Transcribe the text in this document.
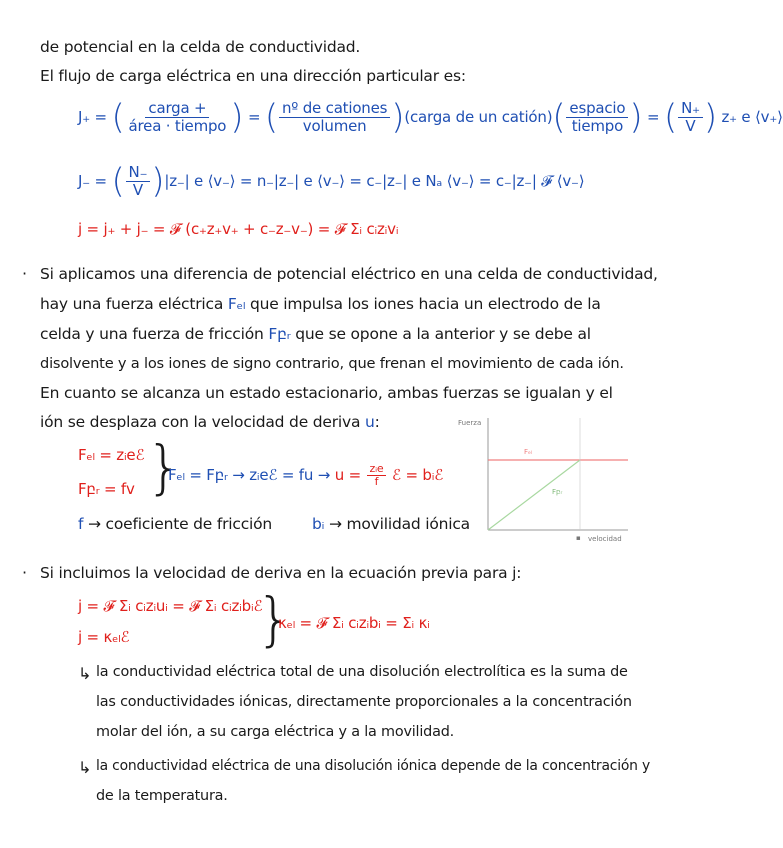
de potencial en la celda de conductividad.
El flujo de carga eléctrica en una dirección particular es:
J₊ = ( $\frac{\text{carga +}}{\text{área · tiempo}}$ ) = ( $\frac{\text{nº de cationes}}{\text{volumen}}$ )(carga de un catión)( $\frac{\text{espacio}}{\text{tiempo}}$ ) = ( $\frac{N_+}{V}$ ) z₊ e ⟨v₊⟩
J₋ = ( $\frac{N_-}{V} )|z_-|$ e ⟨v₋⟩ = n₋|z₋| e ⟨v₋⟩ = c₋|z₋| e Nₐ ⟨v₋⟩ = c₋|z₋| 𝓕 ⟨v₋⟩
j = j₊ + j₋ = 𝓕 (c₊z₊v₊ + c₋z₋v₋) = 𝓕 Σᵢ cᵢzᵢvᵢ
· Si aplicamos una diferencia de potencial eléctrico en una celda de conductividad,
hay una fuerza eléctrica Fₑₗ que impulsa los iones hacia un electrodo de la
celda y una fuerza de fricción Fբᵣ que se opone a la anterior y se debe al
disolvente y a los iones de signo contrario, que frenan el movimiento de cada ión.
En cuanto se alcanza un estado estacionario, ambas fuerzas se igualan y el
ión se desplaza con la velocidad de deriva u:
Fₑₗ = zᵢeℰ
Fբᵣ = fv }
Fₑₗ = Fբᵣ → zᵢeℰ = fu → $u = \frac{\text{zᵢe}}{f}$ ℰ = bᵢℰ
f → coeficiente de fricción	bᵢ → movilidad iónica
Fuerza
Fₑₗ
Fբᵣ
▪ velocidad
· Si incluimos la velocidad de deriva en la ecuación previa para j:
j = 𝓕 Σᵢ cᵢzᵢuᵢ = 𝓕 Σᵢ cᵢzᵢbᵢℰ
j = κₑₗℰ }
κₑₗ = 𝓕 Σᵢ cᵢzᵢbᵢ = Σᵢ κᵢ
↳ la conductividad eléctrica total de una disolución electrolítica es la suma de
las conductividades iónicas, directamente proporcionales a la concentración
molar del ión, a su carga eléctrica y a la movilidad.
↳ la conductividad eléctrica de una disolución iónica depende de la concentración y
de la temperatura.
